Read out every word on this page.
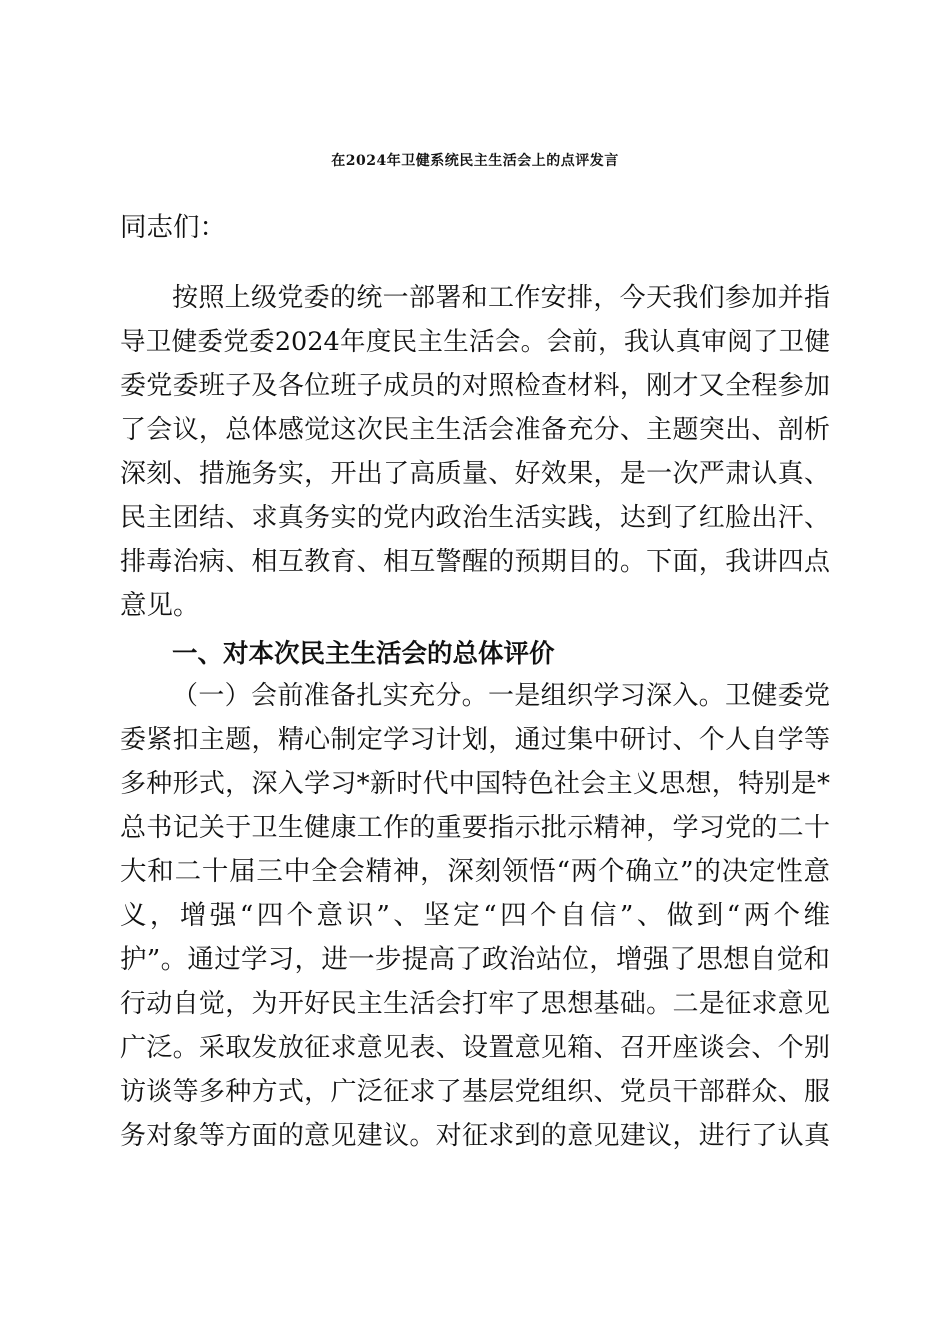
在2024年卫健系统民主生活会上的点评发言
同志们：
按照上级党委的统一部署和工作安排，今天我们参加并指
导卫健委党委2024年度民主生活会。会前，我认真审阅了卫健
委党委班子及各位班子成员的对照检查材料，刚才又全程参加
了会议，总体感觉这次民主生活会准备充分、主题突出、剖析
深刻、措施务实，开出了高质量、好效果，是一次严肃认真、
民主团结、求真务实的党内政治生活实践，达到了红脸出汗、
排毒治病、相互教育、相互警醒的预期目的。下面，我讲四点
意见。
一、对本次民主生活会的总体评价
（一）会前准备扎实充分。一是组织学习深入。卫健委党
委紧扣主题，精心制定学习计划，通过集中研讨、个人自学等
多种形式，深入学习*新时代中国特色社会主义思想，特别是*
总书记关于卫生健康工作的重要指示批示精神，学习党的二十
大和二十届三中全会精神，深刻领悟“两个确立”的决定性意
义，增强“四个意识”、坚定“四个自信”、做到“两个维
护”。通过学习，进一步提高了政治站位，增强了思想自觉和
行动自觉，为开好民主生活会打牢了思想基础。二是征求意见
广泛。采取发放征求意见表、设置意见箱、召开座谈会、个别
访谈等多种方式，广泛征求了基层党组织、党员干部群众、服
务对象等方面的意见建议。对征求到的意见建议，进行了认真
